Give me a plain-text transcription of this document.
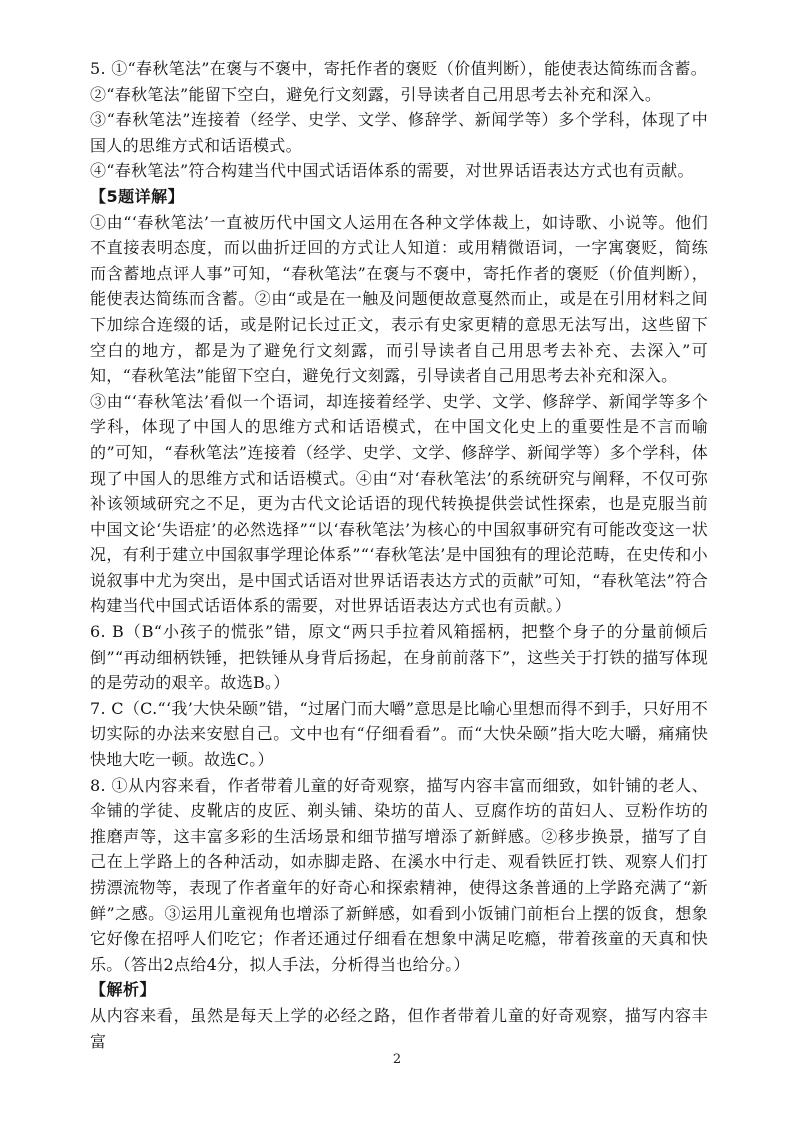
5. ①“春秋笔法”在褒与不褒中，寄托作者的褒贬（价值判断），能使表达简练而含蓄。

②“春秋笔法”能留下空白，避免行文刻露，引导读者自己用思考去补充和深入。

③“春秋笔法”连接着（经学、史学、文学、修辞学、新闻学等）多个学科，体现了中国人的思维方式和话语模式。

④“春秋笔法”符合构建当代中国式话语体系的需要，对世界话语表达方式也有贡献。

【5题详解】

①由“‘春秋笔法’一直被历代中国文人运用在各种文学体裁上，如诗歌、小说等。他们不直接表明态度，而以曲折迂回的方式让人知道：或用精微语词，一字寓褒贬，简练而含蓄地点评人事”可知，“春秋笔法”在褒与不褒中，寄托作者的褒贬（价值判断），能使表达简练而含蓄。②由“或是在一触及问题便故意戛然而止，或是在引用材料之间下加综合连缀的话，或是附记长过正文，表示有史家更精的意思无法写出，这些留下空白的地方，都是为了避免行文刻露，而引导读者自己用思考去补充、去深入”可知，“春秋笔法”能留下空白，避免行文刻露，引导读者自己用思考去补充和深入。

③由“‘春秋笔法’看似一个语词，却连接着经学、史学、文学、修辞学、新闻学等多个学科，体现了中国人的思维方式和话语模式，在中国文化史上的重要性是不言而喻的”可知，“春秋笔法”连接着（经学、史学、文学、修辞学、新闻学等）多个学科，体现了中国人的思维方式和话语模式。④由“对‘春秋笔法’的系统研究与阐释，不仅可弥补该领域研究之不足，更为古代文论话语的现代转换提供尝试性探索，也是克服当前中国文论‘失语症’的必然选择”“以‘春秋笔法’为核心的中国叙事研究有可能改变这一状况，有利于建立中国叙事学理论体系”“‘春秋笔法’是中国独有的理论范畴，在史传和小说叙事中尤为突出，是中国式话语对世界话语表达方式的贡献”可知，“春秋笔法”符合构建当代中国式话语体系的需要，对世界话语表达方式也有贡献。）

6. B（B“小孩子的慌张”错，原文“两只手拉着风箱摇柄，把整个身子的分量前倾后倒”“再动细柄铁锤，把铁锤从身背后扬起，在身前前落下”，这些关于打铁的描写体现的是劳动的艰辛。故选B。）

7. C（C.“‘我’大快朵颐”错，“过屠门而大嚼”意思是比喻心里想而得不到手，只好用不切实际的办法来安慰自己。文中也有“仔细看看”。而“大快朵颐”指大吃大嚼，痛痛快快地大吃一顿。故选C。）

8. ①从内容来看，作者带着儿童的好奇观察，描写内容丰富而细致，如针铺的老人、伞铺的学徒、皮靴店的皮匠、剃头铺、染坊的苗人、豆腐作坊的苗妇人、豆粉作坊的推磨声等，这丰富多彩的生活场景和细节描写增添了新鲜感。②移步换景，描写了自己在上学路上的各种活动，如赤脚走路、在溪水中行走、观看铁匠打铁、观察人们打捞漂流物等，表现了作者童年的好奇心和探索精神，使得这条普通的上学路充满了“新鲜”之感。③运用儿童视角也增添了新鲜感，如看到小饭铺门前柜台上摆的饭食，想象它好像在招呼人们吃它；作者还通过仔细看在想象中满足吃瘾，带着孩童的天真和快乐。（答出2点给4分，拟人手法，分析得当也给分。）

【解析】

从内容来看，虽然是每天上学的必经之路，但作者带着儿童的好奇观察，描写内容丰富

2
